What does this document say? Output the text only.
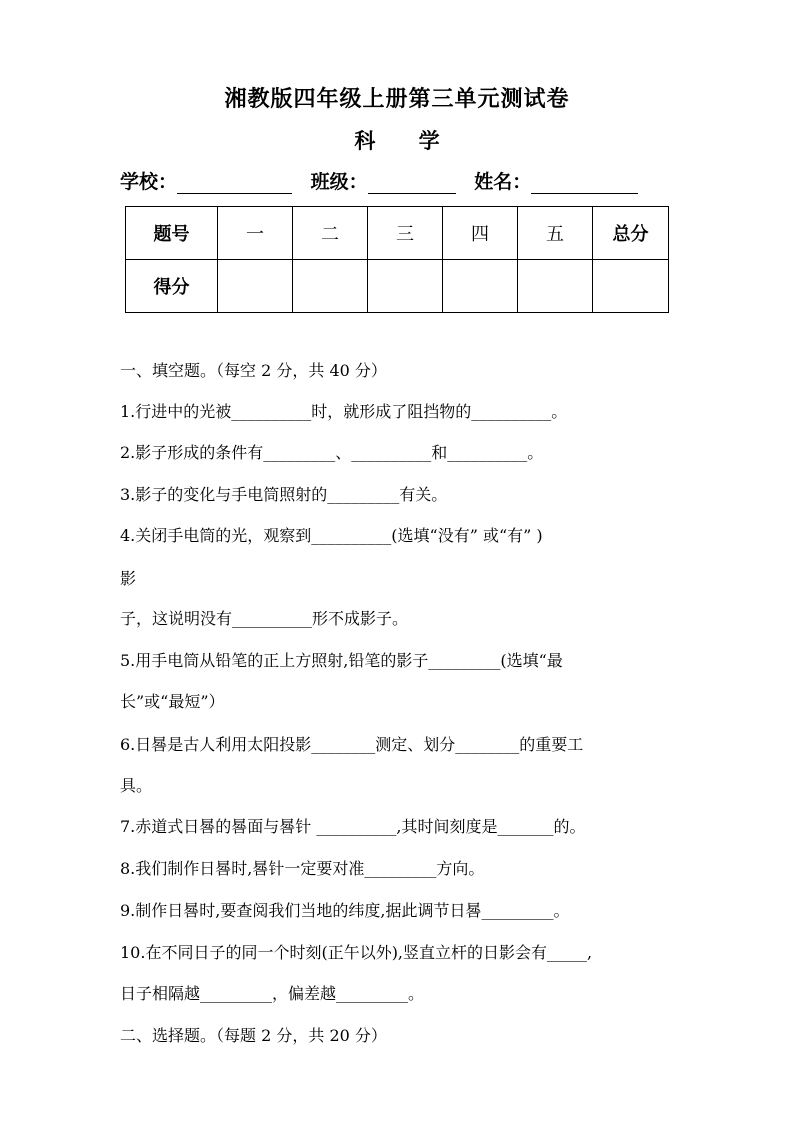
湘教版四年级上册第三单元测试卷
科 学
学校：	班级：	姓名：
题号	一	二	三	四	五	总分
得分						
一、填空题。（每空 2 分，共 40 分）
1.行进中的光被__________时，就形成了阻挡物的__________。
2.影子形成的条件有_________、__________和__________。
3.影子的变化与手电筒照射的_________有关。
4.关闭手电筒的光，观察到__________(选填“没有” 或“有” )
影
子，这说明没有__________形不成影子。
5.用手电筒从铅笔的正上方照射,铅笔的影子_________(选填“最
长”或“最短”）
6.日晷是古人利用太阳投影________测定、划分________的重要工
具。
7.赤道式日晷的晷面与晷针 __________,其时间刻度是_______的。
8.我们制作日晷时,晷针一定要对准_________方向。
9.制作日晷时,要查阅我们当地的纬度,据此调节日晷_________。
10.在不同日子的同一个时刻(正午以外),竖直立杆的日影会有_____,
日子相隔越_________，偏差越_________。
二、选择题。（每题 2 分，共 20 分）
